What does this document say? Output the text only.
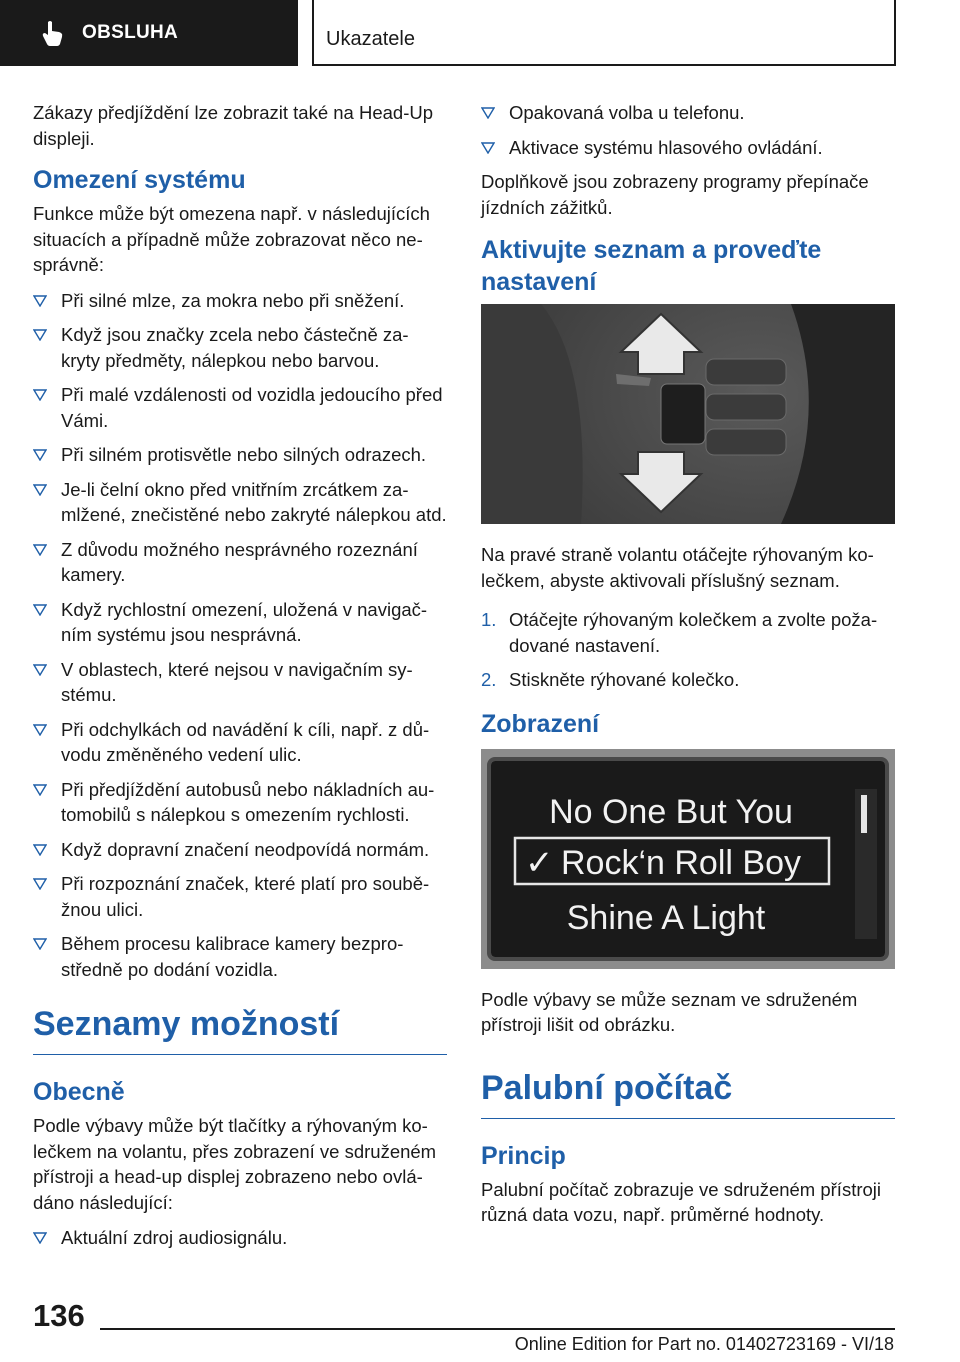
OBSLUHA	Ukazatele

Zákazy předjíždění lze zobrazit také na Head-Up displeji.

Omezení systému

Funkce může být omezena např. v následujících situacích a případně může zobrazovat něco ne- správně:

Při silné mlze, za mokra nebo při sněžení.
Když jsou značky zcela nebo částečně za- kryty předměty, nálepkou nebo barvou.
Při malé vzdálenosti od vozidla jedoucího před Vámi.
Při silném protisvětle nebo silných odrazech.
Je-li čelní okno před vnitřním zrcátkem za- mlžené, znečistěné nebo zakryté nálepkou atd.
Z důvodu možného nesprávného rozeznání kamery.
Když rychlostní omezení, uložená v navigač- ním systému jsou nesprávná.
V oblastech, které nejsou v navigačním sy- stému.
Při odchylkách od navádění k cíli, např. z dů- vodu změněného vedení ulic.
Při předjíždění autobusů nebo nákladních au- tomobilů s nálepkou s omezením rychlosti.
Když dopravní značení neodpovídá normám.
Při rozpoznání značek, které platí pro soubě- žnou ulici.
Během procesu kalibrace kamery bezpro- středně po dodání vozidla.
Seznamy možností
Obecně

Podle výbavy může být tlačítky a rýhovaným ko- lečkem na volantu, přes zobrazení ve sdruženém přístroji a head-up displej zobrazeno nebo ovlá- dáno následující:

Aktuální zdroj audiosignálu.
Opakovaná volba u telefonu.
Aktivace systému hlasového ovládání.

Doplňkově jsou zobrazeny programy přepínače jízdních zážitků.

Aktivujte seznam a proveďte nastavení

Na pravé straně volantu otáčejte rýhovaným ko- lečkem, abyste aktivovali příslušný seznam.

1. Otáčejte rýhovaným kolečkem a zvolte poža- dované nastavení.
2. Stiskněte rýhované kolečko.
Zobrazení
No One But You
✓ Rock‘n Roll Boy
Shine A Light

Podle výbavy se může seznam ve sdruženém přístroji lišit od obrázku.

Palubní počítač
Princip

Palubní počítač zobrazuje ve sdruženém přístroji různá data vozu, např. průměrné hodnoty.

136
Online Edition for Part no. 01402723169 - VI/18
